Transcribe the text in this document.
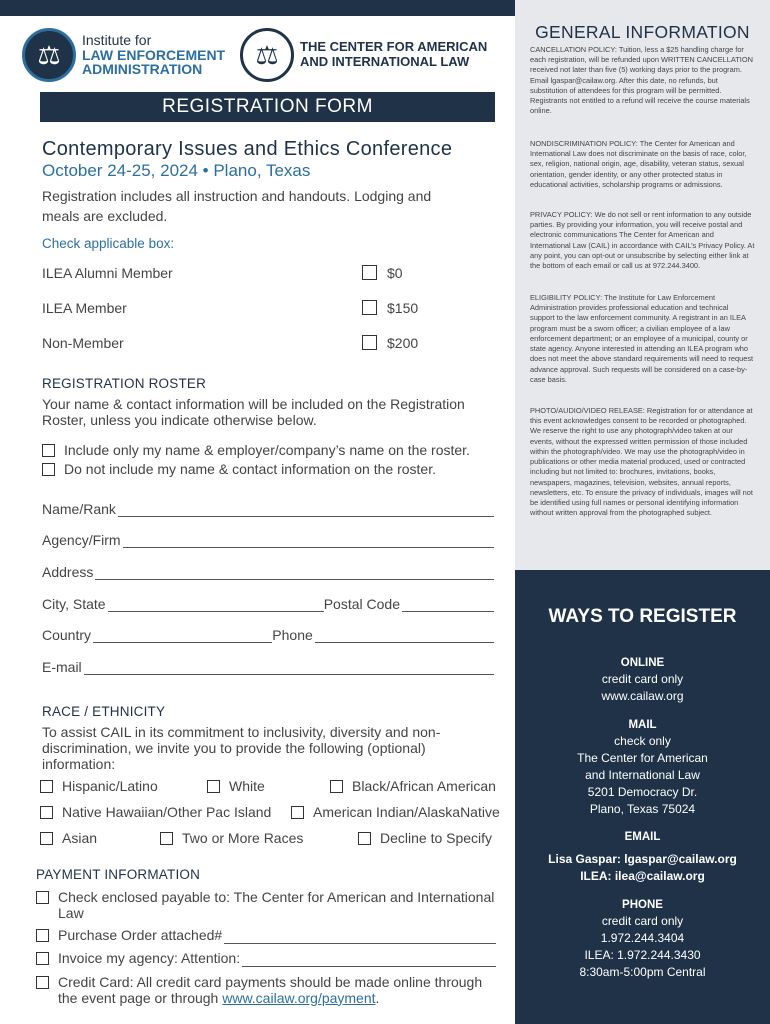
⚖	Institute for
LAW ENFORCEMENT
ADMINISTRATION	⚖	THE CENTER FOR AMERICAN
AND INTERNATIONAL LAW
REGISTRATION FORM
Contemporary Issues and Ethics Conference
October 24-25, 2024 • Plano, Texas
Registration includes all instruction and handouts. Lodging and meals are excluded.
Check applicable box:
ILEA Alumni Member	$0
ILEA Member	$150
Non-Member	$200
REGISTRATION ROSTER
Your name & contact information will be included on the Registration Roster, unless you indicate otherwise below.
Include only my name & employer/company’s name on the roster.
Do not include my name & contact information on the roster.
Name/Rank
Agency/Firm
Address
City, State	Postal Code
Country	Phone
E-mail
RACE / ETHNICITY
To assist CAIL in its commitment to inclusivity, diversity and non-discrimination, we invite you to provide the following (optional) information:
Hispanic/Latino	White	Black/African American
Native Hawaiian/Other Pac Island	American Indian/AlaskaNative
Asian	Two or More Races	Decline to Specify
PAYMENT INFORMATION
Check enclosed payable to: The Center for American and International Law
Purchase Order attached#
Invoice my agency: Attention:
Credit Card: All credit card payments should be made online through the event page or through www.cailaw.org/payment.
GENERAL INFORMATION
CANCELLATION POLICY: Tuition, less a $25 handling charge for each registration, will be refunded upon WRITTEN CANCELLATION received not later than five (5) working days prior to the program. Email lgaspar@cailaw.org. After this date, no refunds, but substitution of attendees for this program will be permitted. Registrants not entitled to a refund will receive the course materials online.
NONDISCRIMINATION POLICY: The Center for American and International Law does not discriminate on the basis of race, color, sex, religion, national origin, age, disability, veteran status, sexual orientation, gender identity, or any other protected status in educational activities, scholarship programs or admissions.
PRIVACY POLICY: We do not sell or rent information to any outside parties. By providing your information, you will receive postal and electronic communications The Center for American and International Law (CAIL) in accordance with CAIL’s Privacy Policy. At any point, you can opt-out or unsubscribe by selecting either link at the bottom of each email or call us at 972.244.3400.
ELIGIBILITY POLICY: The Institute for Law Enforcement Administration provides professional education and technical support to the law enforcement community. A registrant in an ILEA program must be a sworn officer; a civilian employee of a law enforcement department; or an employee of a municipal, county or state agency. Anyone interested in attending an ILEA program who does not meet the above standard requirements will need to request advance approval. Such requests will be considered on a case-by-case basis.
PHOTO/AUDIO/VIDEO RELEASE: Registration for or attendance at this event acknowledges consent to be recorded or photographed. We reserve the right to use any photograph/video taken at our events, without the expressed written permission of those included within the photograph/video. We may use the photograph/video in publications or other media material produced, used or contracted including but not limited to: brochures, invitations, books, newspapers, magazines, television, websites, annual reports, newsletters, etc. To ensure the privacy of individuals, images will not be identified using full names or personal identifying information without written approval from the photographed subject.
WAYS TO REGISTER
ONLINE
credit card only
www.cailaw.org
MAIL
check only
The Center for American
and International Law
5201 Democracy Dr.
Plano, Texas 75024
EMAIL
Lisa Gaspar: lgaspar@cailaw.org
ILEA: ilea@cailaw.org
PHONE
credit card only
1.972.244.3404
ILEA: 1.972.244.3430
8:30am-5:00pm Central
